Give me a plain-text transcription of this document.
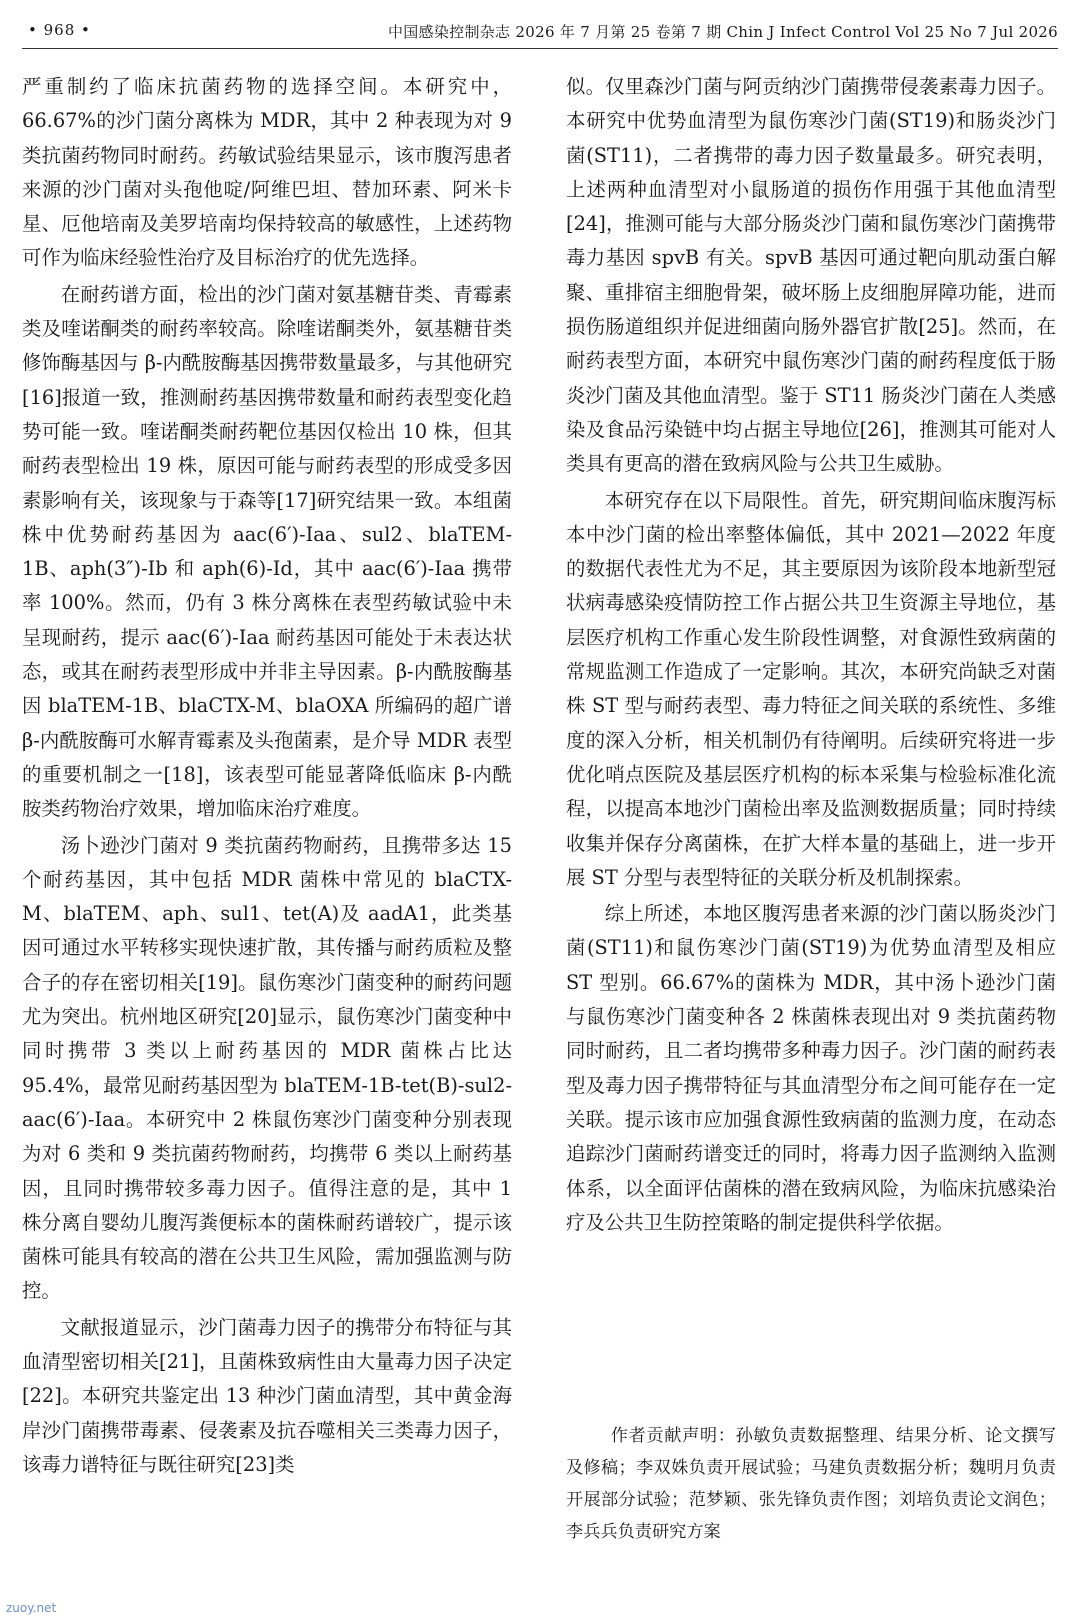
• 968 •	中国感染控制杂志 2026 年 7 月第 25 卷第 7 期 Chin J Infect Control Vol 25 No 7 Jul 2026

严重制约了临床抗菌药物的选择空间。本研究中，66.67%的沙门菌分离株为 MDR，其中 2 种表现为对 9 类抗菌药物同时耐药。药敏试验结果显示，该市腹泻患者来源的沙门菌对头孢他啶/阿维巴坦、替加环素、阿米卡星、厄他培南及美罗培南均保持较高的敏感性，上述药物可作为临床经验性治疗及目标治疗的优先选择。

在耐药谱方面，检出的沙门菌对氨基糖苷类、青霉素类及喹诺酮类的耐药率较高。除喹诺酮类外，氨基糖苷类修饰酶基因与 β-内酰胺酶基因携带数量最多，与其他研究[16]报道一致，推测耐药基因携带数量和耐药表型变化趋势可能一致。喹诺酮类耐药靶位基因仅检出 10 株，但其耐药表型检出 19 株，原因可能与耐药表型的形成受多因素影响有关，该现象与于森等[17]研究结果一致。本组菌株中优势耐药基因为 aac(6′)-Iaa、sul2、blaTEM-1B、aph(3″)-Ib 和 aph(6)-Id，其中 aac(6′)-Iaa 携带率 100%。然而，仍有 3 株分离株在表型药敏试验中未呈现耐药，提示 aac(6′)-Iaa 耐药基因可能处于未表达状态，或其在耐药表型形成中并非主导因素。β-内酰胺酶基因 blaTEM-1B、blaCTX-M、blaOXA 所编码的超广谱 β-内酰胺酶可水解青霉素及头孢菌素，是介导 MDR 表型的重要机制之一[18]，该表型可能显著降低临床 β-内酰胺类药物治疗效果，增加临床治疗难度。

汤卜逊沙门菌对 9 类抗菌药物耐药，且携带多达 15 个耐药基因，其中包括 MDR 菌株中常见的 blaCTX-M、blaTEM、aph、sul1、tet(A)及 aadA1，此类基因可通过水平转移实现快速扩散，其传播与耐药质粒及整合子的存在密切相关[19]。鼠伤寒沙门菌变种的耐药问题尤为突出。杭州地区研究[20]显示，鼠伤寒沙门菌变种中同时携带 3 类以上耐药基因的 MDR 菌株占比达 95.4%，最常见耐药基因型为 blaTEM-1B-tet(B)-sul2-aac(6′)-Iaa。本研究中 2 株鼠伤寒沙门菌变种分别表现为对 6 类和 9 类抗菌药物耐药，均携带 6 类以上耐药基因，且同时携带较多毒力因子。值得注意的是，其中 1 株分离自婴幼儿腹泻粪便标本的菌株耐药谱较广，提示该菌株可能具有较高的潜在公共卫生风险，需加强监测与防控。

文献报道显示，沙门菌毒力因子的携带分布特征与其血清型密切相关[21]，且菌株致病性由大量毒力因子决定[22]。本研究共鉴定出 13 种沙门菌血清型，其中黄金海岸沙门菌携带毒素、侵袭素及抗吞噬相关三类毒力因子，该毒力谱特征与既往研究[23]类

似。仅里森沙门菌与阿贡纳沙门菌携带侵袭素毒力因子。本研究中优势血清型为鼠伤寒沙门菌(ST19)和肠炎沙门菌(ST11)，二者携带的毒力因子数量最多。研究表明，上述两种血清型对小鼠肠道的损伤作用强于其他血清型[24]，推测可能与大部分肠炎沙门菌和鼠伤寒沙门菌携带毒力基因 spvB 有关。spvB 基因可通过靶向肌动蛋白解聚、重排宿主细胞骨架，破坏肠上皮细胞屏障功能，进而损伤肠道组织并促进细菌向肠外器官扩散[25]。然而，在耐药表型方面，本研究中鼠伤寒沙门菌的耐药程度低于肠炎沙门菌及其他血清型。鉴于 ST11 肠炎沙门菌在人类感染及食品污染链中均占据主导地位[26]，推测其可能对人类具有更高的潜在致病风险与公共卫生威胁。

本研究存在以下局限性。首先，研究期间临床腹泻标本中沙门菌的检出率整体偏低，其中 2021—2022 年度的数据代表性尤为不足，其主要原因为该阶段本地新型冠状病毒感染疫情防控工作占据公共卫生资源主导地位，基层医疗机构工作重心发生阶段性调整，对食源性致病菌的常规监测工作造成了一定影响。其次，本研究尚缺乏对菌株 ST 型与耐药表型、毒力特征之间关联的系统性、多维度的深入分析，相关机制仍有待阐明。后续研究将进一步优化哨点医院及基层医疗机构的标本采集与检验标准化流程，以提高本地沙门菌检出率及监测数据质量；同时持续收集并保存分离菌株，在扩大样本量的基础上，进一步开展 ST 分型与表型特征的关联分析及机制探索。

综上所述，本地区腹泻患者来源的沙门菌以肠炎沙门菌(ST11)和鼠伤寒沙门菌(ST19)为优势血清型及相应 ST 型别。66.67%的菌株为 MDR，其中汤卜逊沙门菌与鼠伤寒沙门菌变种各 2 株菌株表现出对 9 类抗菌药物同时耐药，且二者均携带多种毒力因子。沙门菌的耐药表型及毒力因子携带特征与其血清型分布之间可能存在一定关联。提示该市应加强食源性致病菌的监测力度，在动态追踪沙门菌耐药谱变迁的同时，将毒力因子监测纳入监测体系，以全面评估菌株的潜在致病风险，为临床抗感染治疗及公共卫生防控策略的制定提供科学依据。

作者贡献声明：孙敏负责数据整理、结果分析、论文撰写及修稿；李双姝负责开展试验；马建负责数据分析；魏明月负责开展部分试验；范梦颖、张先锋负责作图；刘培负责论文润色；李兵兵负责研究方案
zuoy.net
